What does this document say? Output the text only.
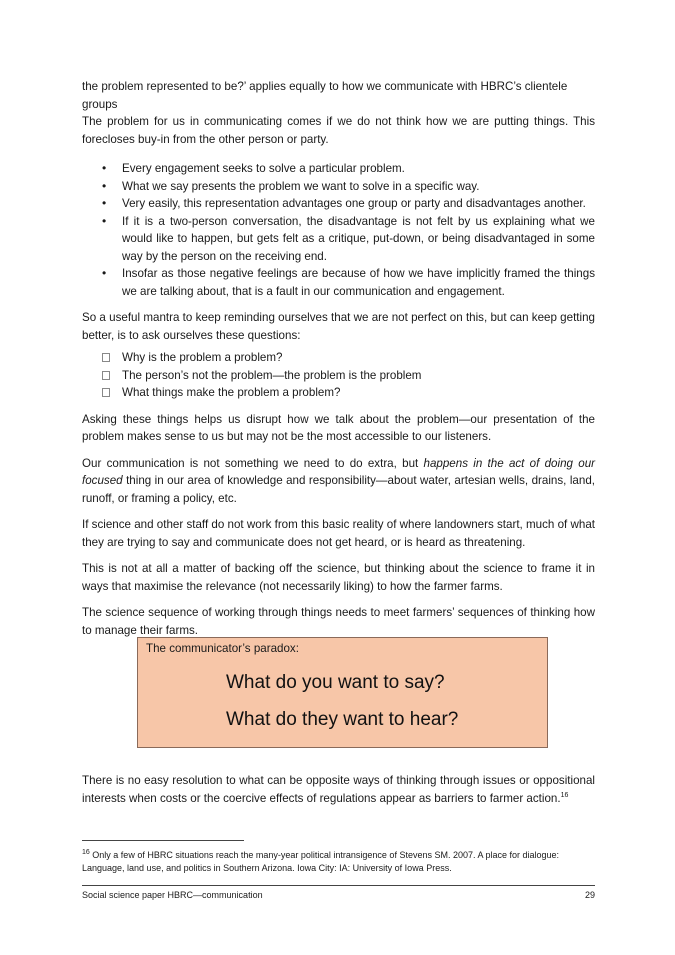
the problem represented to be?’ applies equally to how we communicate with HBRC’s clientele groups

The problem for us in communicating comes if we do not think how we are putting things. This forecloses buy-in from the other person or party.

• Every engagement seeks to solve a particular problem.
• What we say presents the problem we want to solve in a specific way.
• Very easily, this representation advantages one group or party and disadvantages another.
• If it is a two-person conversation, the disadvantage is not felt by us explaining what we would like to happen, but gets felt as a critique, put-down, or being disadvantaged in some way by the person on the receiving end.
• Insofar as those negative feelings are because of how we have implicitly framed the things we are talking about, that is a fault in our communication and engagement.

So a useful mantra to keep reminding ourselves that we are not perfect on this, but can keep getting better, is to ask ourselves these questions:

Why is the problem a problem?
The person’s not the problem—the problem is the problem
What things make the problem a problem?

Asking these things helps us disrupt how we talk about the problem—our presentation of the problem makes sense to us but may not be the most accessible to our listeners.

Our communication is not something we need to do extra, but happens in the act of doing our focused thing in our area of knowledge and responsibility—about water, artesian wells, drains, land, runoff, or framing a policy, etc.

If science and other staff do not work from this basic reality of where landowners start, much of what they are trying to say and communicate does not get heard, or is heard as threatening.

This is not at all a matter of backing off the science, but thinking about the science to frame it in ways that maximise the relevance (not necessarily liking) to how the farmer farms.

The science sequence of working through things needs to meet farmers’ sequences of thinking how to manage their farms.

The communicator’s paradox:
What do you want to say?
What do they want to hear?

There is no easy resolution to what can be opposite ways of thinking through issues or oppositional interests when costs or the coercive effects of regulations appear as barriers to farmer action.$^{16}$

$^{16}$ Only a few of HBRC situations reach the many-year political intransigence of Stevens SM. 2007. A place for dialogue: Language, land use, and politics in Southern Arizona. Iowa City: IA: University of Iowa Press.
Social science paper HBRC—communication	29
